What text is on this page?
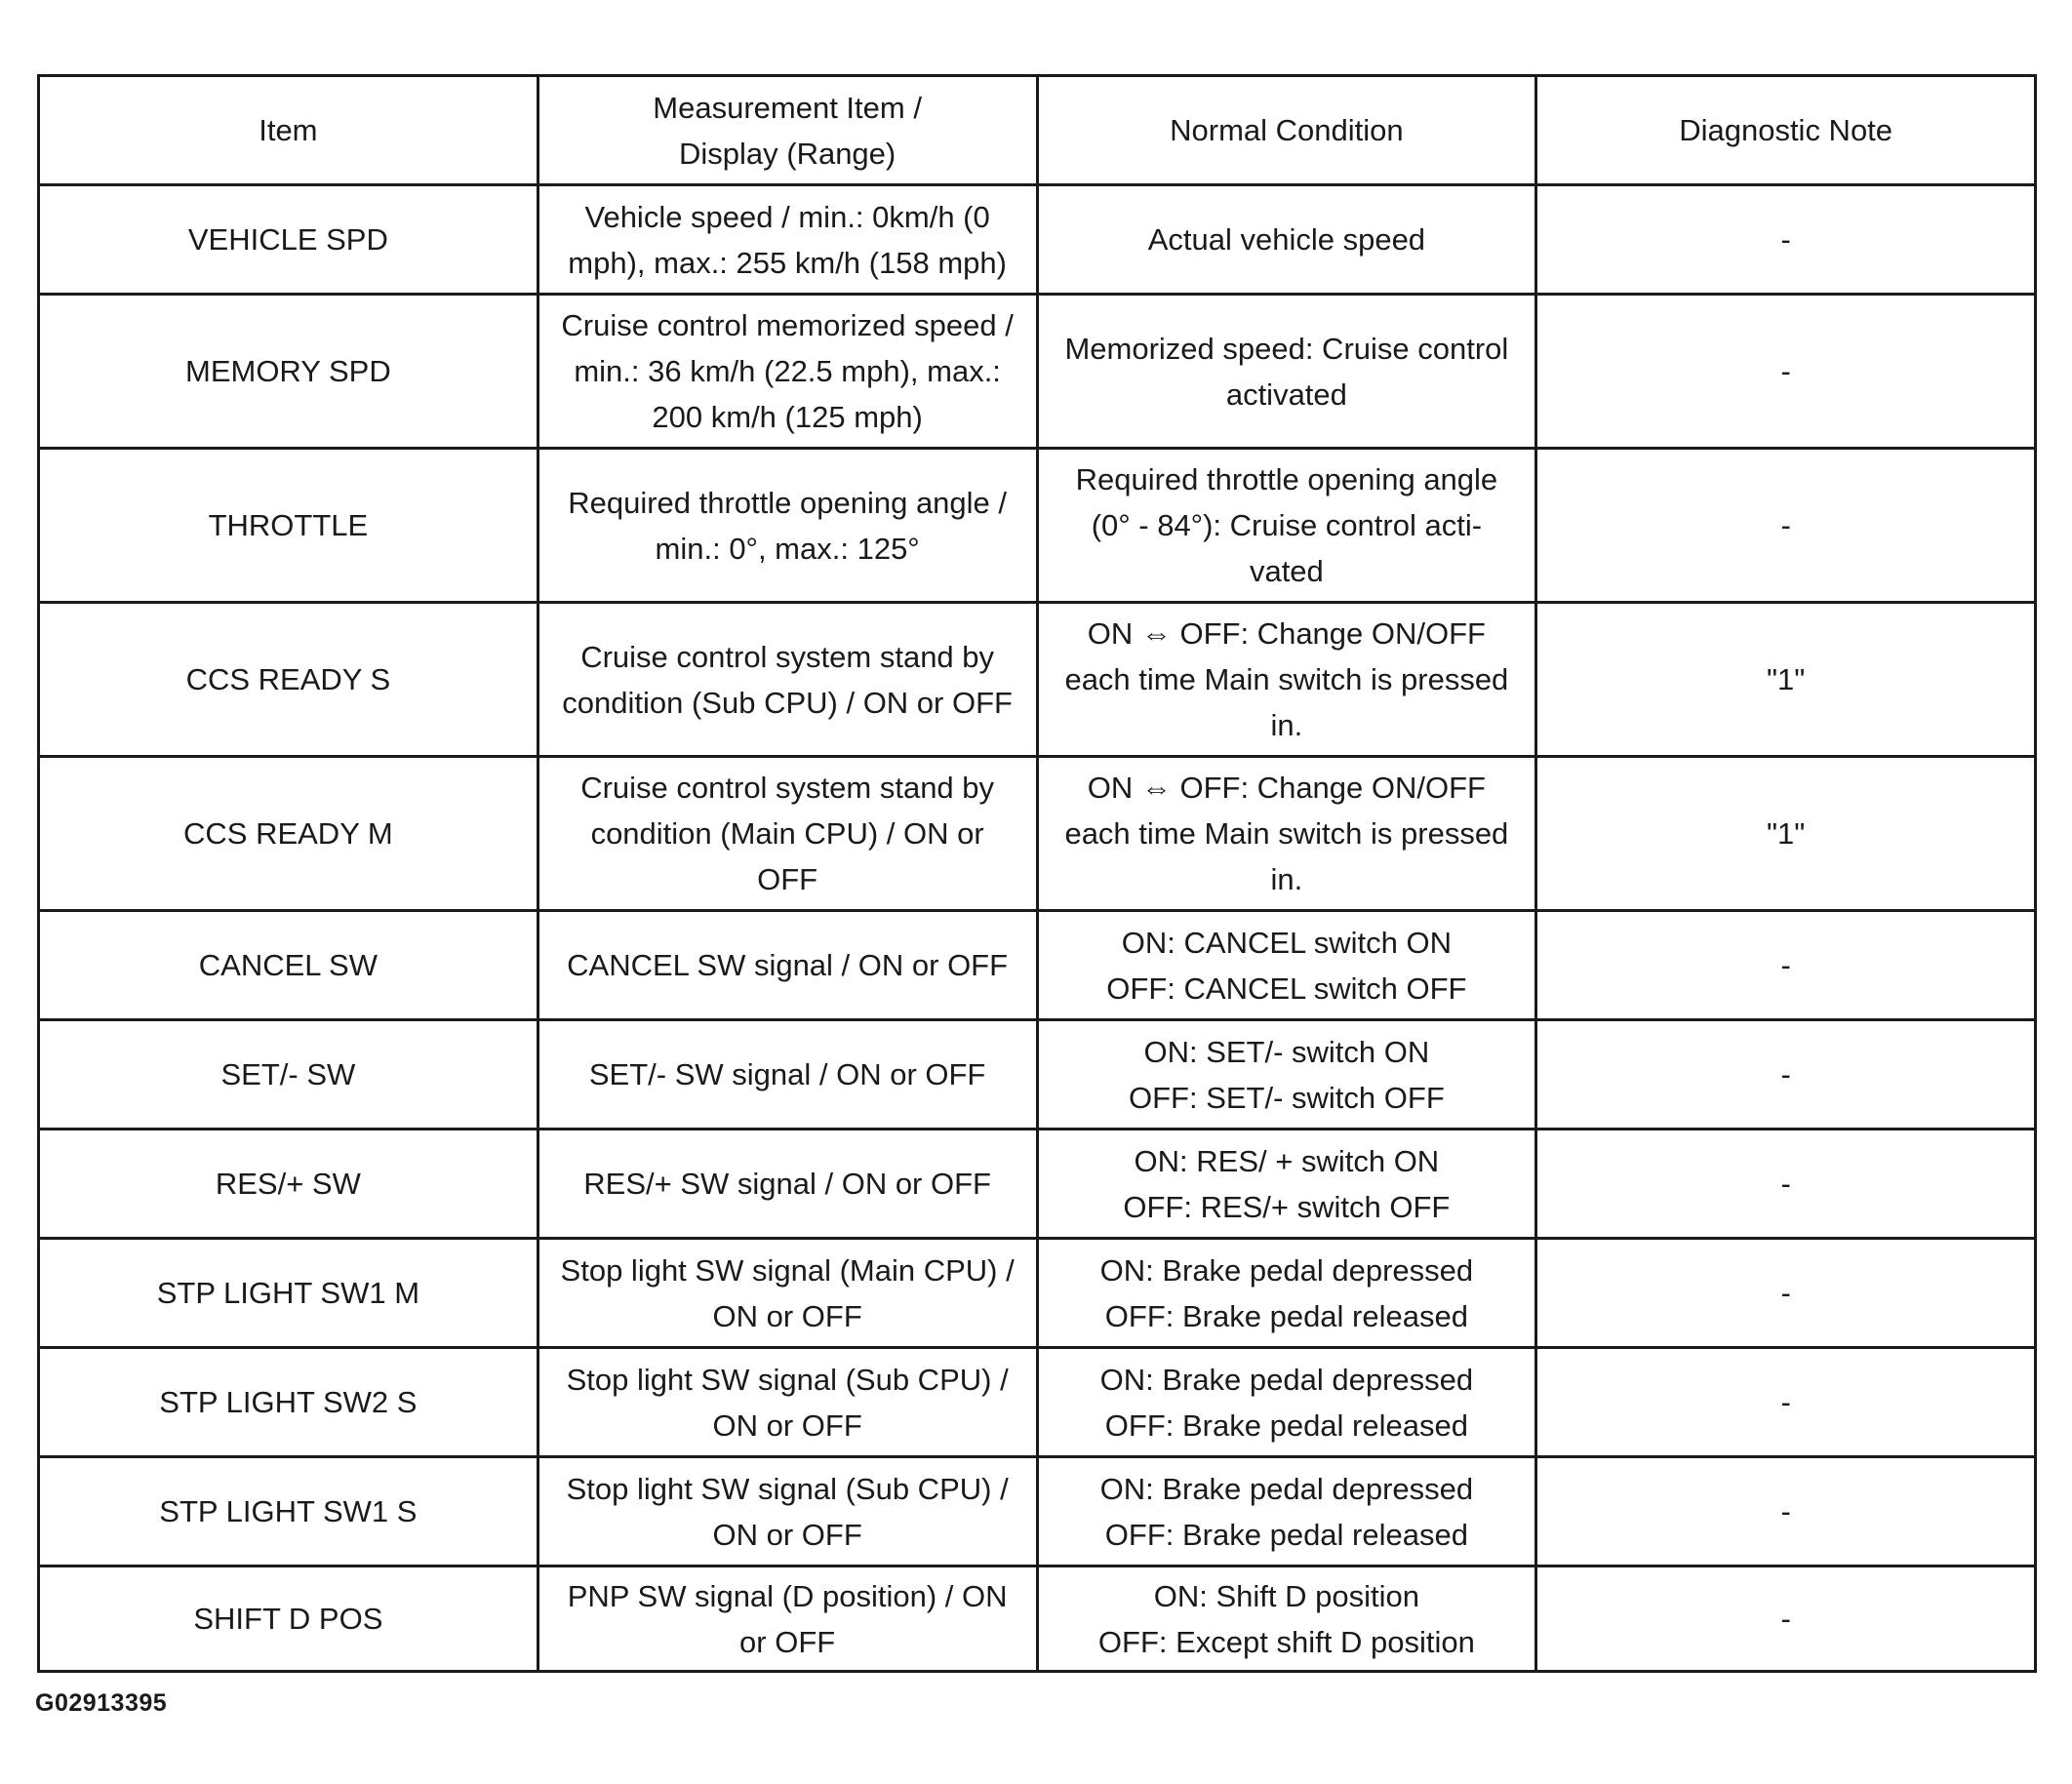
Item	Measurement Item /
Display (Range)	Normal Condition	Diagnostic Note
VEHICLE SPD	Vehicle speed / min.: 0km/h (0
mph), max.: 255 km/h (158 mph)	Actual vehicle speed	-
MEMORY SPD	Cruise control memorized speed /
min.: 36 km/h (22.5 mph), max.:
200 km/h (125 mph)	Memorized speed: Cruise control
activated	-
THROTTLE	Required throttle opening angle /
min.: 0°, max.: 125°	Required throttle opening angle
(0° - 84°): Cruise control acti-
vated	-
CCS READY S	Cruise control system stand by
condition (Sub CPU) / ON or OFF	ON ⇔ OFF: Change ON/OFF
each time Main switch is pressed
in.	"1"
CCS READY M	Cruise control system stand by
condition (Main CPU) / ON or OFF	ON ⇔ OFF: Change ON/OFF
each time Main switch is pressed
in.	"1"
CANCEL SW	CANCEL SW signal / ON or OFF	ON: CANCEL switch ON
OFF: CANCEL switch OFF	-
SET/- SW	SET/- SW signal / ON or OFF	ON: SET/- switch ON
OFF: SET/- switch OFF	-
RES/+ SW	RES/+ SW signal / ON or OFF	ON: RES/ + switch ON
OFF: RES/+ switch OFF	-
STP LIGHT SW1 M	Stop light SW signal (Main CPU) /
ON or OFF	ON: Brake pedal depressed
OFF: Brake pedal released	-
STP LIGHT SW2 S	Stop light SW signal (Sub CPU) /
ON or OFF	ON: Brake pedal depressed
OFF: Brake pedal released	-
STP LIGHT SW1 S	Stop light SW signal (Sub CPU) /
ON or OFF	ON: Brake pedal depressed
OFF: Brake pedal released	-
SHIFT D POS	PNP SW signal (D position) / ON
or OFF	ON: Shift D position
OFF: Except shift D position	-
G02913395
